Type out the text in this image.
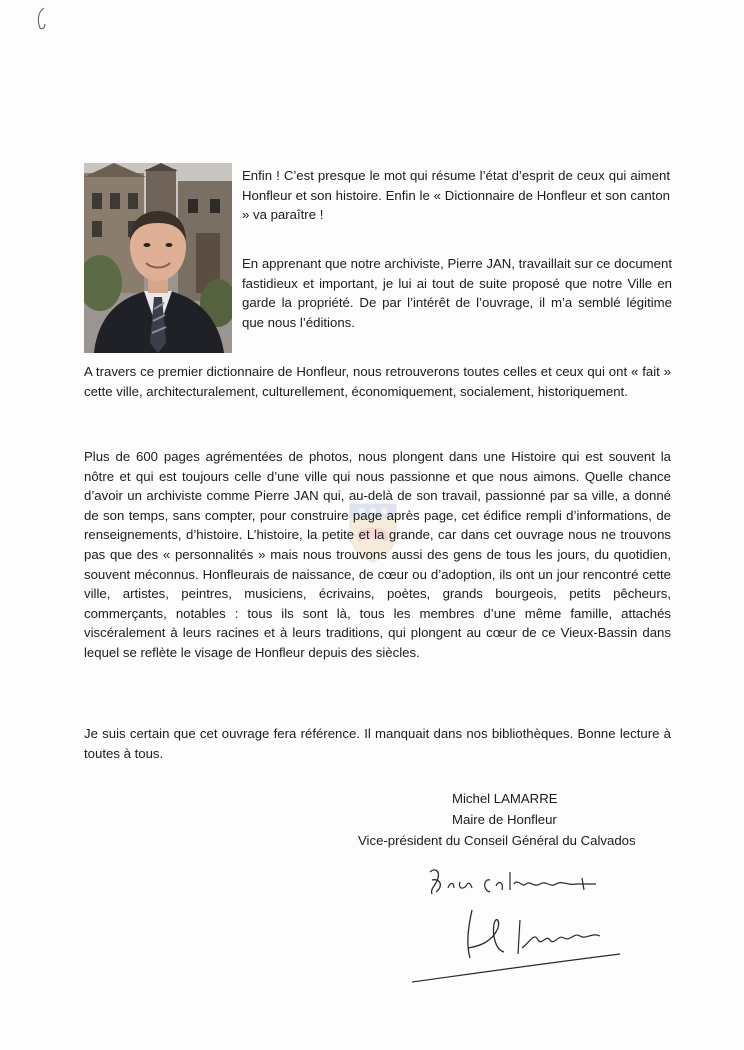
Enfin ! C’est presque le mot qui résume l’état d’esprit de ceux qui aiment Honfleur et son histoire. Enfin le « Dictionnaire de Honfleur et son canton » va paraître !

En apprenant que notre archiviste, Pierre JAN, travaillait sur ce document fastidieux et important, je lui ai tout de suite proposé que notre Ville en garde la propriété. De par l’intérêt de l’ouvrage, il m’a semblé légitime que nous l’éditions.

A travers ce premier dictionnaire de Honfleur, nous retrouverons toutes celles et ceux qui ont « fait » cette ville, architecturalement, culturellement, économiquement, socialement, historiquement.

Plus de 600 pages agrémentées de photos, nous plongent dans une Histoire qui est souvent la nôtre et qui est toujours celle d’une ville qui nous passionne et que nous aimons. Quelle chance d’avoir un archiviste comme Pierre JAN qui, au-delà de son travail, passionné par sa ville, a donné de son temps, sans compter, pour construire page après page, cet édifice rempli d’informations, de renseignements, d’histoire. L’histoire, la petite et la grande, car dans cet ouvrage nous ne trouvons pas que des « personnalités » mais nous trouvons aussi des gens de tous les jours, du quotidien, souvent méconnus. Honfleurais de naissance, de cœur ou d’adoption, ils ont un jour rencontré cette ville, artistes, peintres, musiciens, écrivains, poètes, grands bourgeois, petits pêcheurs, commerçants, notables : tous ils sont là, tous les membres d’une même famille, attachés viscéralement à leurs racines et à leurs traditions, qui plongent au cœur de ce Vieux-Bassin dans lequel se reflète le visage de Honfleur depuis des siècles.

Je suis certain que cet ouvrage fera référence. Il manquait dans nos bibliothèques. Bonne lecture à toutes à tous.

Michel LAMARRE
Maire de Honfleur
Vice-président du Conseil Général du Calvados
